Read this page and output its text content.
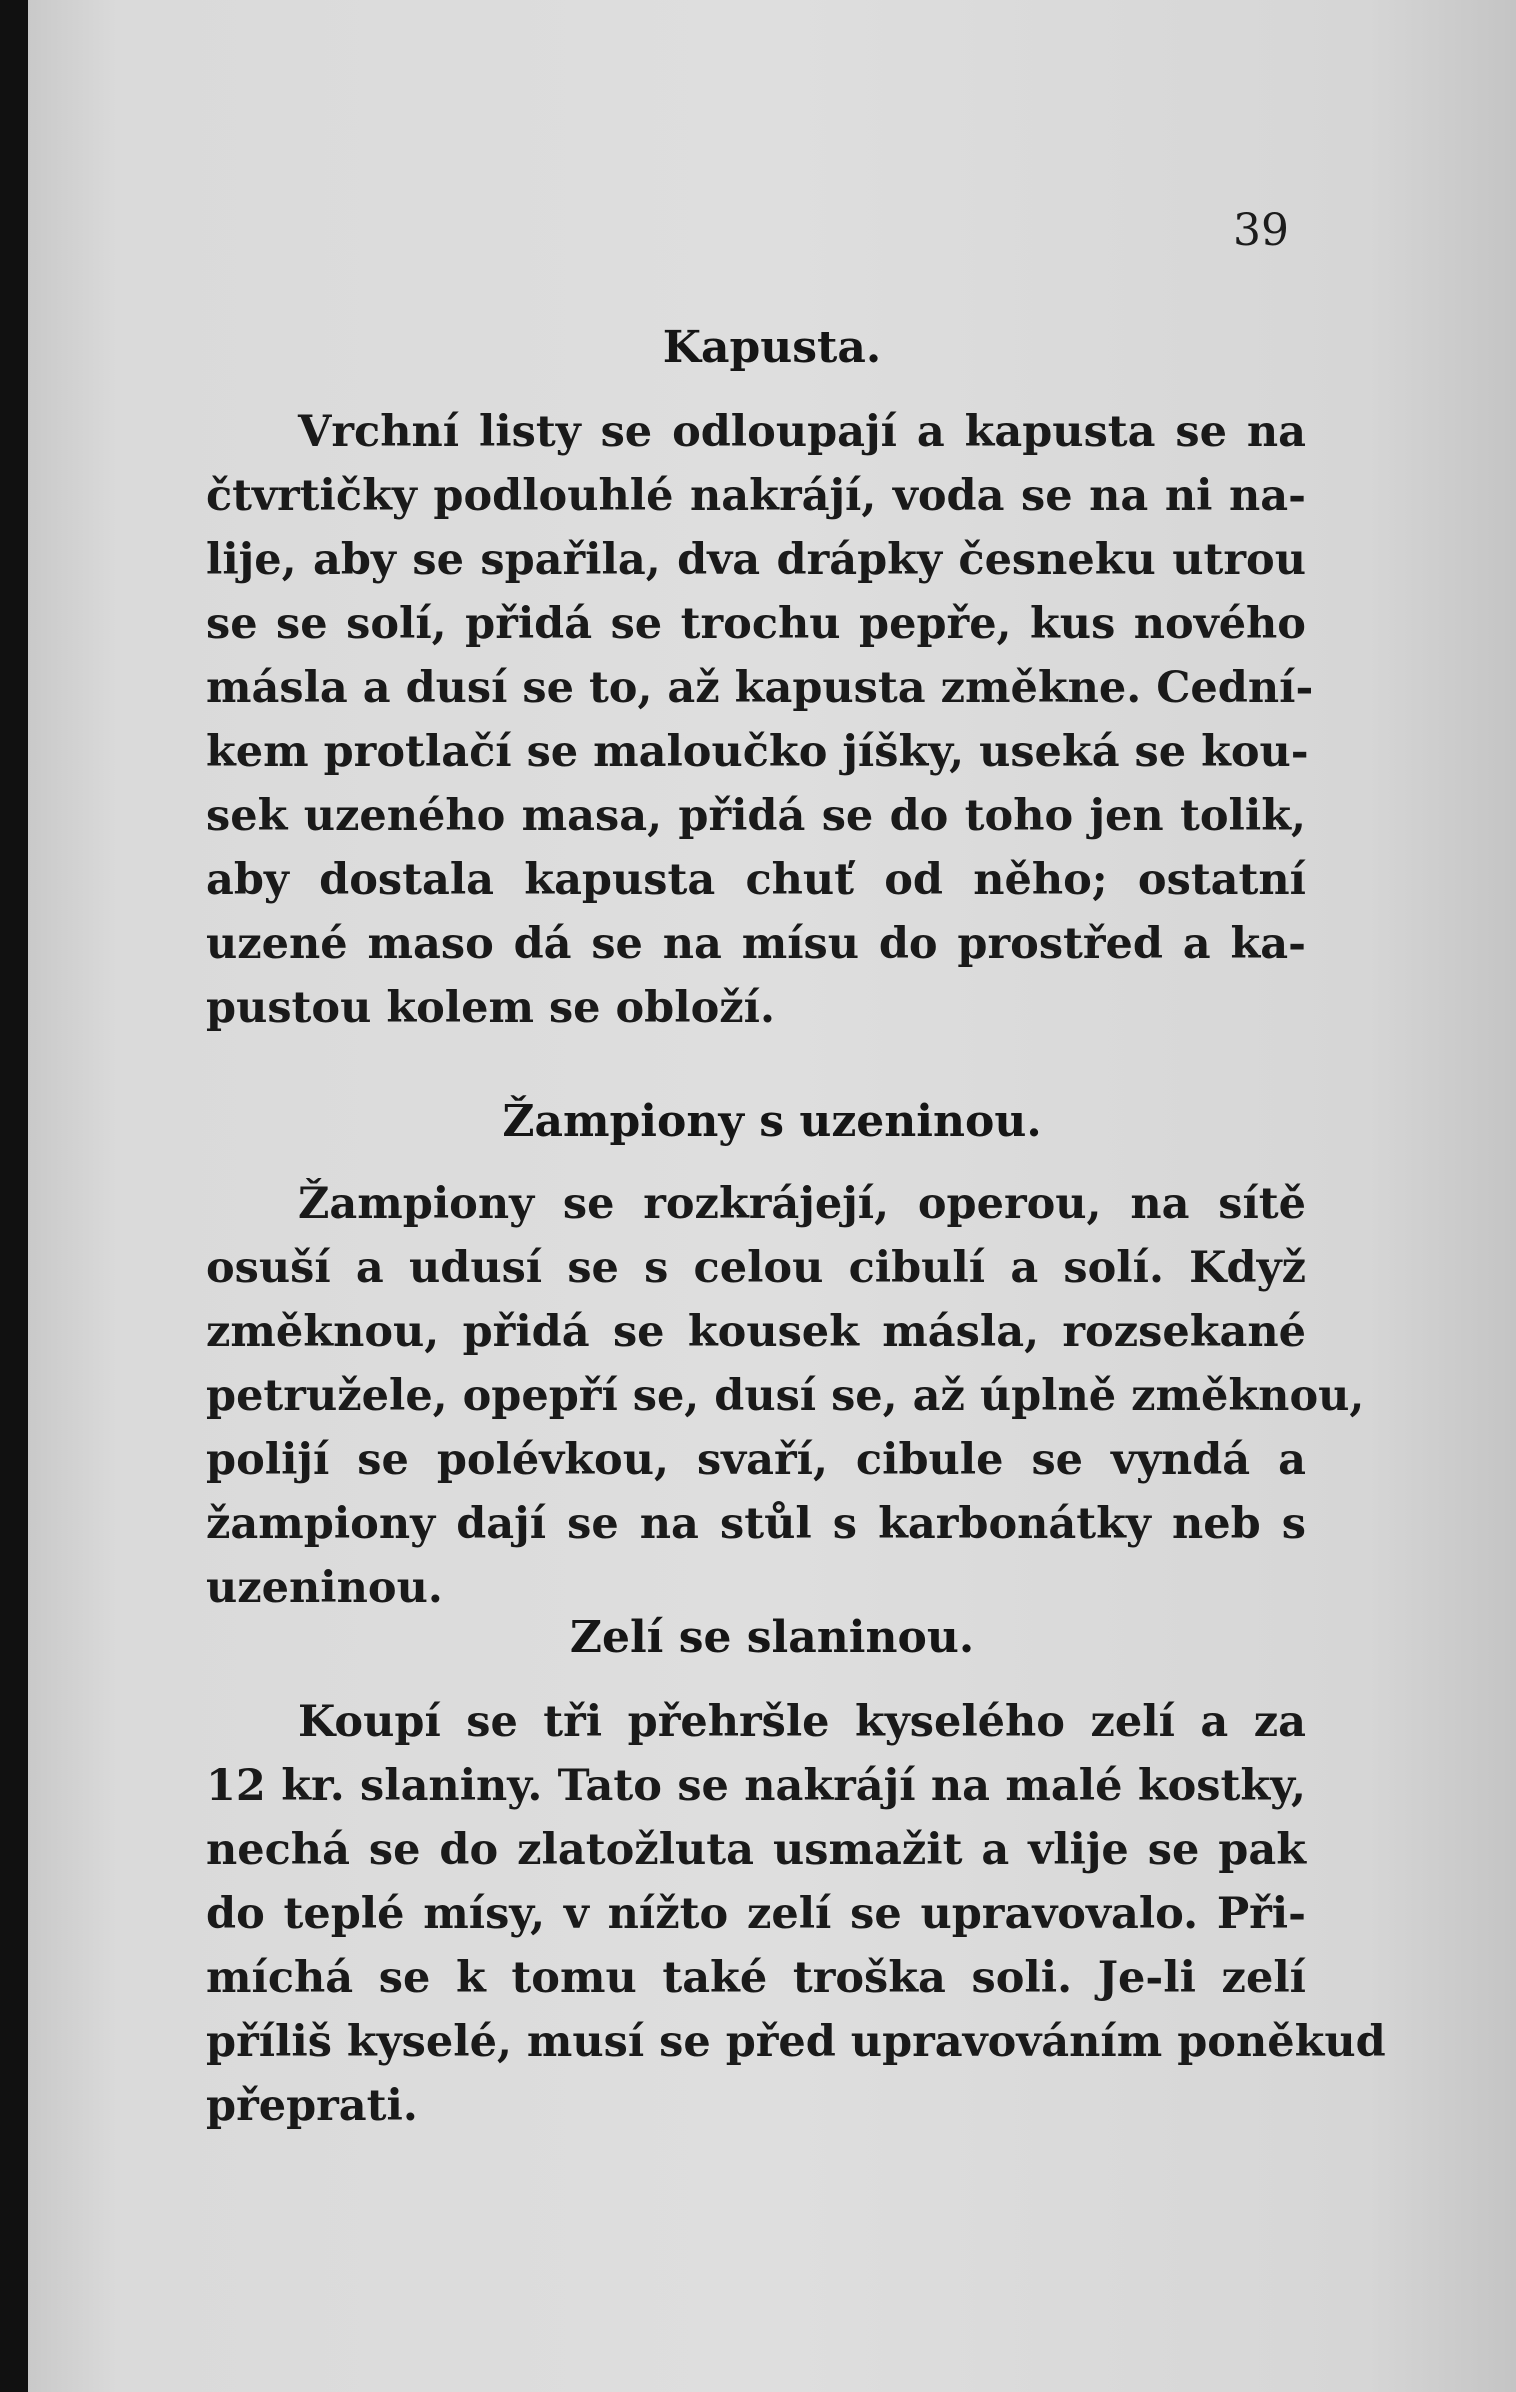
39
Kapusta.
Vrchní listy se odloupají a kapusta se na
čtvrtičky podlouhlé nakrájí, voda se na ni na-
lije, aby se spařila, dva drápky česneku utrou
se se solí, přidá se trochu pepře, kus nového
másla a dusí se to, až kapusta změkne. Cední-
kem protlačí se maloučko jíšky, useká se kou-
sek uzeného masa, přidá se do toho jen tolik,
aby dostala kapusta chuť od něho; ostatní
uzené maso dá se na mísu do prostřed a ka-
pustou kolem se obloží.
Žampiony s uzeninou.
Žampiony se rozkrájejí, operou, na sítě
osuší a udusí se s celou cibulí a solí. Když
změknou, přidá se kousek másla, rozsekané
petružele, opepří se, dusí se, až úplně změknou,
polijí se polévkou, svaří, cibule se vyndá a
žampiony dají se na stůl s karbonátky neb s
uzeninou.
Zelí se slaninou.
Koupí se tři přehršle kyselého zelí a za
12 kr. slaniny. Tato se nakrájí na malé kostky,
nechá se do zlatožluta usmažit a vlije se pak
do teplé mísy, v nížto zelí se upravovalo. Při-
míchá se k tomu také troška soli. Je-li zelí
příliš kyselé, musí se před upravováním poněkud
přeprati.
